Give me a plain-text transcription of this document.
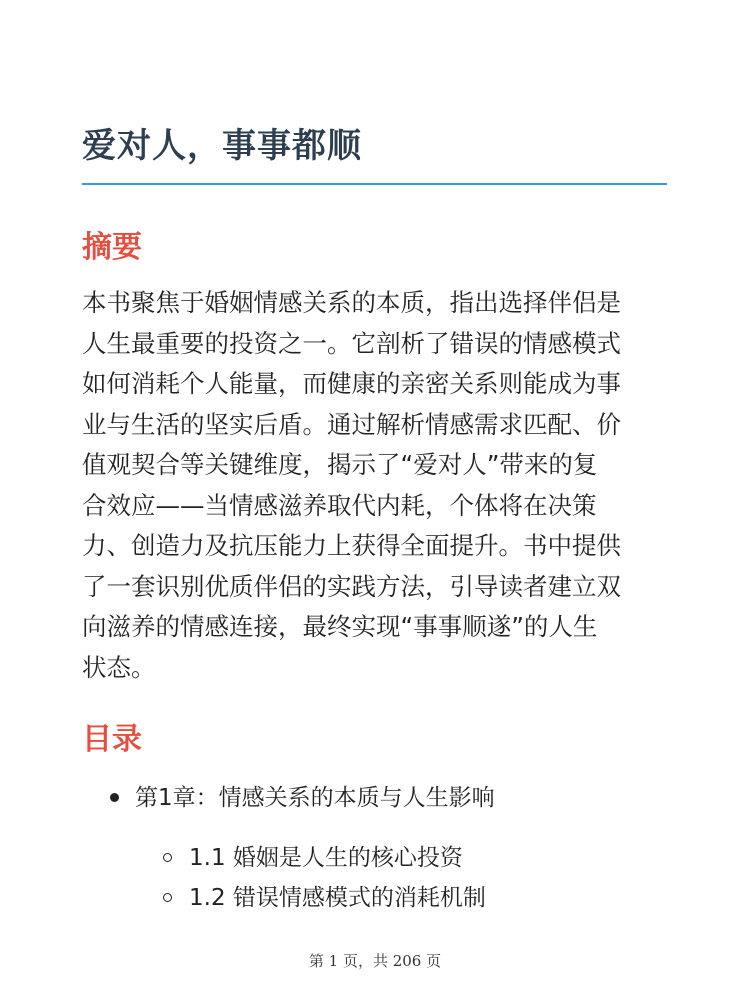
爱对人，事事都顺
摘要

本书聚焦于婚姻情感关系的本质，指出选择伴侣是
人生最重要的投资之一。它剖析了错误的情感模式
如何消耗个人能量，而健康的亲密关系则能成为事
业与生活的坚实后盾。通过解析情感需求匹配、价
值观契合等关键维度，揭示了“爱对人”带来的复
合效应——当情感滋养取代内耗，个体将在决策
力、创造力及抗压能力上获得全面提升。书中提供
了一套识别优质伴侣的实践方法，引导读者建立双
向滋养的情感连接，最终实现“事事顺遂”的人生
状态。

目录
第1章：情感关系的本质与人生影响
1.1 婚姻是人生的核心投资
1.2 错误情感模式的消耗机制
第 1 页，共 206 页
